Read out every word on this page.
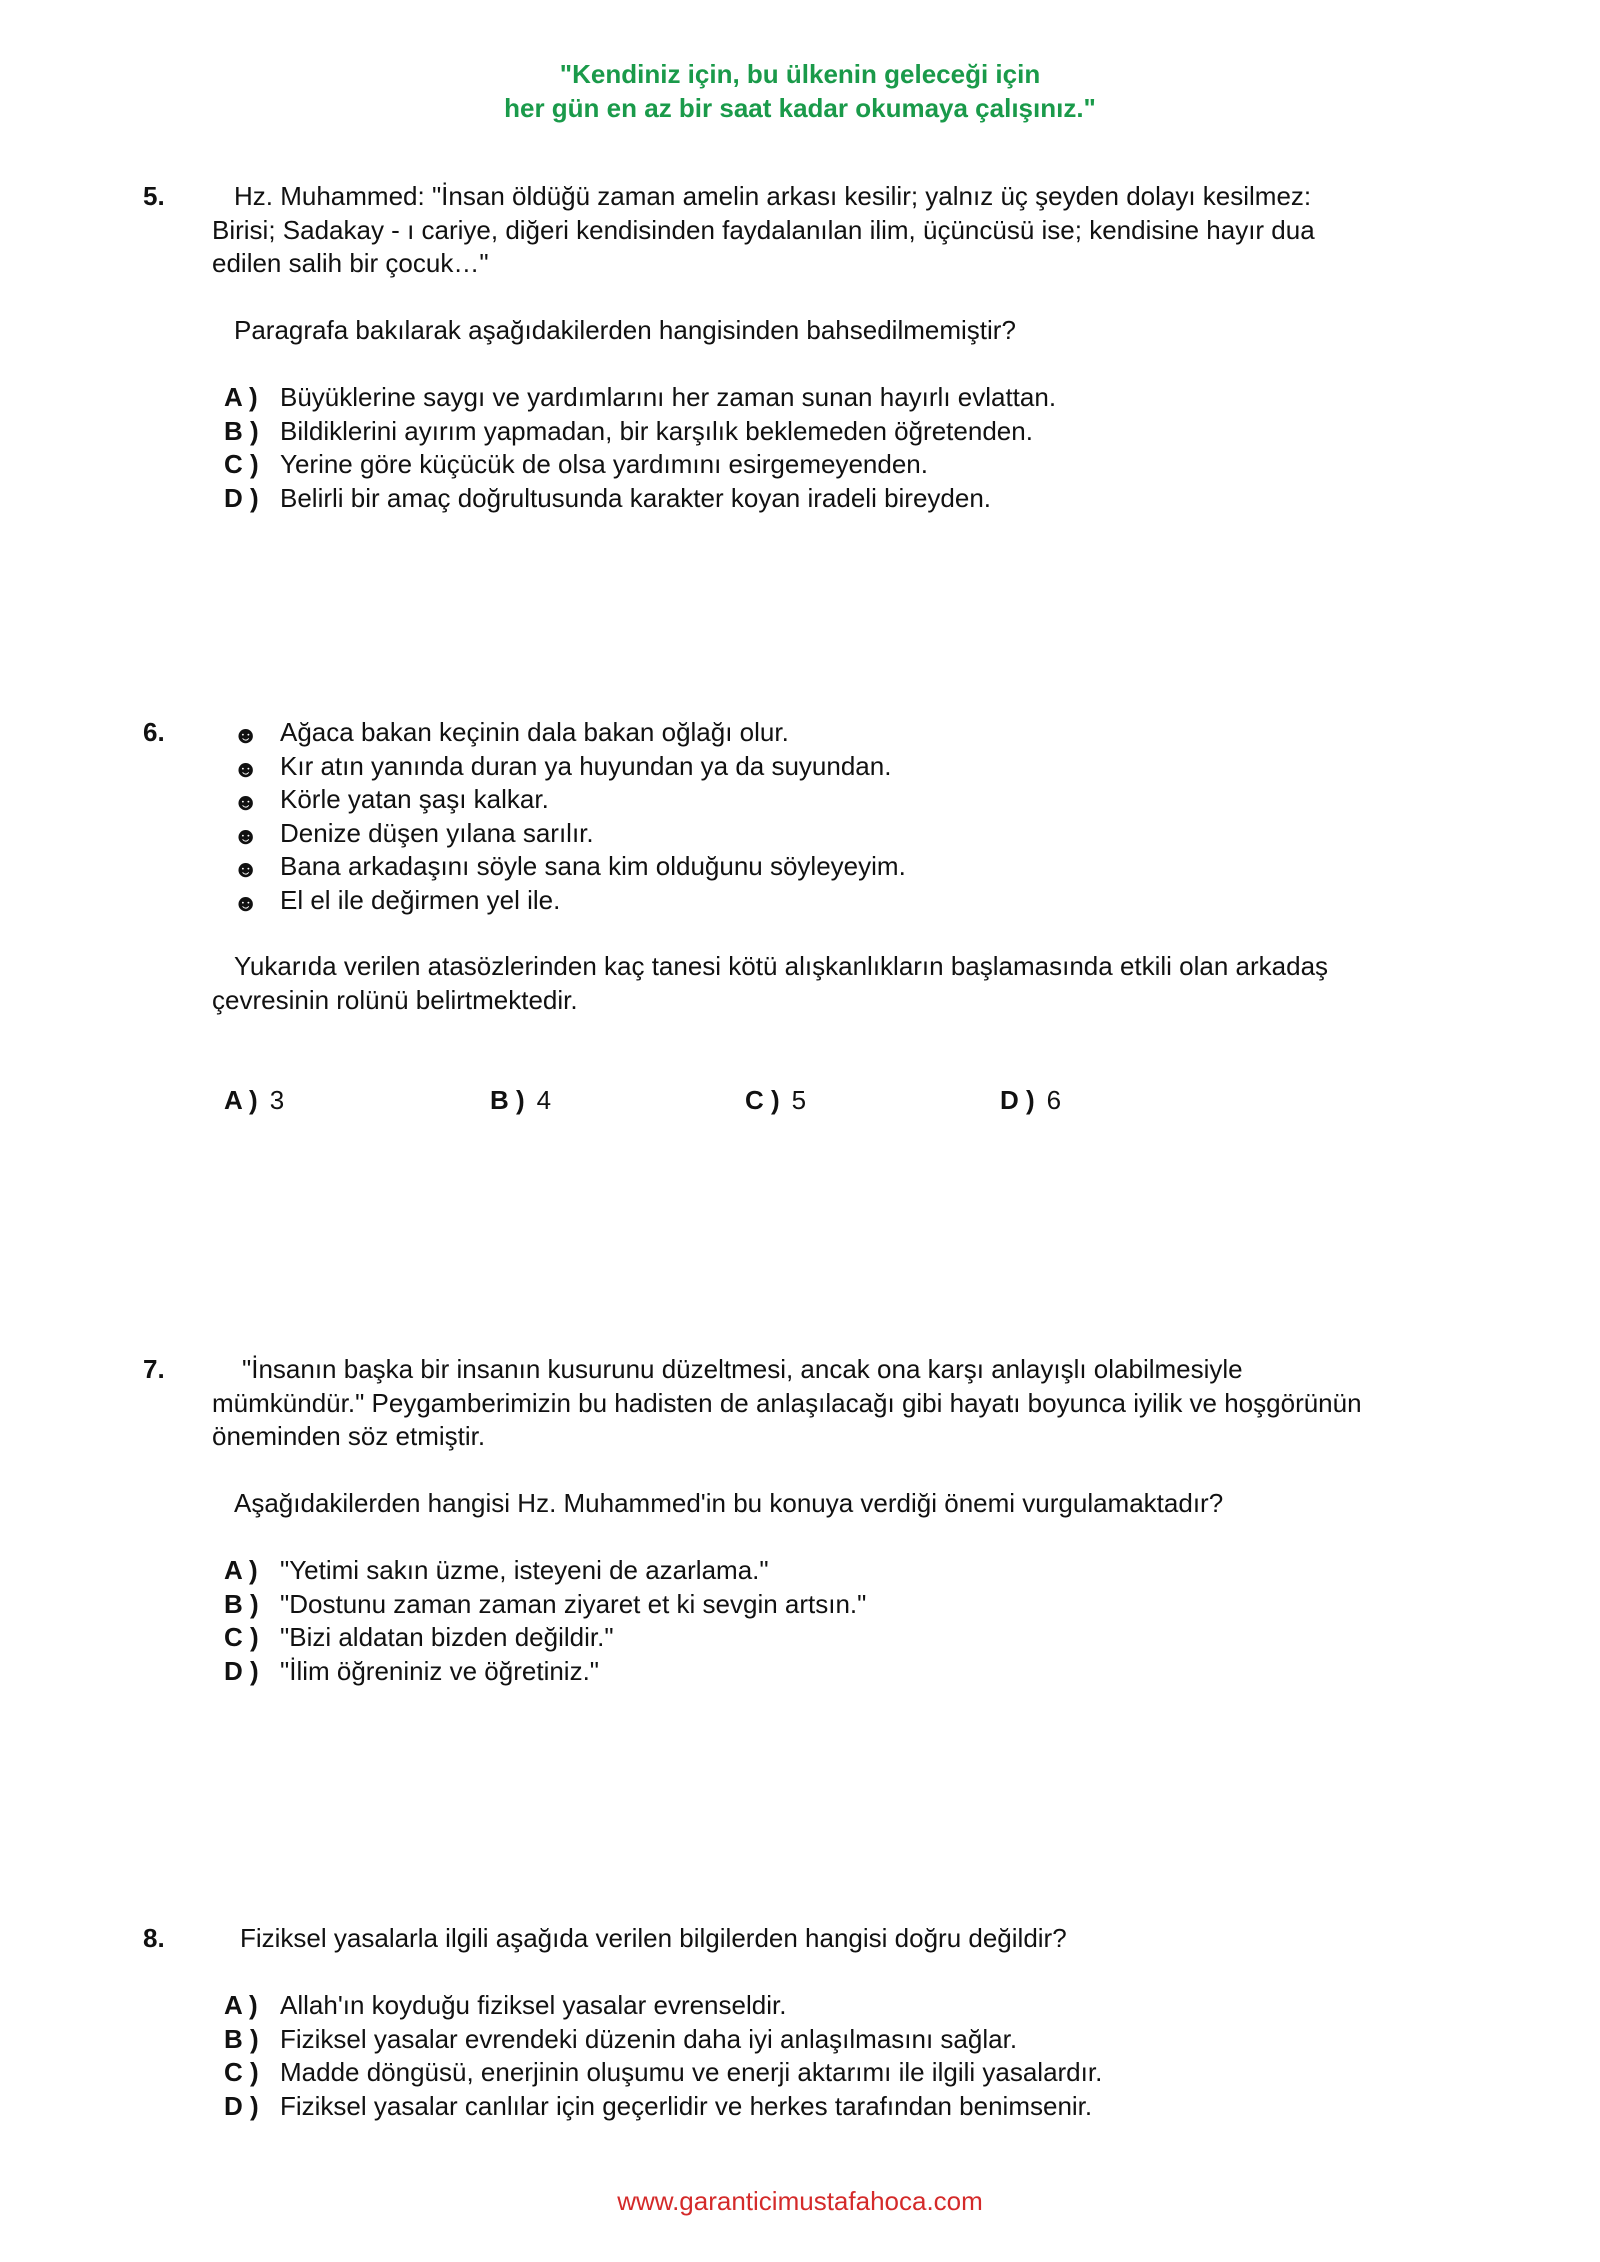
"Kendiniz için, bu ülkenin geleceği için
her gün en az bir saat kadar okumaya çalışınız."
5.	Hz. Muhammed: "İnsan öldüğü zaman amelin arkası kesilir; yalnız üç şeyden dolayı kesilmez:
Birisi; Sadakay - ı cariye, diğeri kendisinden faydalanılan ilim, üçüncüsü ise; kendisine hayır dua
edilen salih bir çocuk…"
Paragrafa bakılarak aşağıdakilerden hangisinden bahsedilmemiştir?
A ) Büyüklerine saygı ve yardımlarını her zaman sunan hayırlı evlattan.
B ) Bildiklerini ayırım yapmadan, bir karşılık beklemeden öğretenden.
C ) Yerine göre küçücük de olsa yardımını esirgemeyenden.
D ) Belirli bir amaç doğrultusunda karakter koyan iradeli bireyden.
6.	☻ Ağaca bakan keçinin dala bakan oğlağı olur.
☻ Kır atın yanında duran ya huyundan ya da suyundan.
☻ Körle yatan şaşı kalkar.
☻ Denize düşen yılana sarılır.
☻ Bana arkadaşını söyle sana kim olduğunu söyleyeyim.
☻ El el ile değirmen yel ile.
Yukarıda verilen atasözlerinden kaç tanesi kötü alışkanlıkların başlamasında etkili olan arkadaş
çevresinin rolünü belirtmektedir.
A ) 3	B ) 4	C ) 5	D ) 6
7.	"İnsanın başka bir insanın kusurunu düzeltmesi, ancak ona karşı anlayışlı olabilmesiyle
mümkündür." Peygamberimizin bu hadisten de anlaşılacağı gibi hayatı boyunca iyilik ve hoşgörünün
öneminden söz etmiştir.
Aşağıdakilerden hangisi Hz. Muhammed'in bu konuya verdiği önemi vurgulamaktadır?
A ) "Yetimi sakın üzme, isteyeni de azarlama."
B ) "Dostunu zaman zaman ziyaret et ki sevgin artsın."
C ) "Bizi aldatan bizden değildir."
D ) "İlim öğreniniz ve öğretiniz."
8.	Fiziksel yasalarla ilgili aşağıda verilen bilgilerden hangisi doğru değildir?
A ) Allah'ın koyduğu fiziksel yasalar evrenseldir.
B ) Fiziksel yasalar evrendeki düzenin daha iyi anlaşılmasını sağlar.
C ) Madde döngüsü, enerjinin oluşumu ve enerji aktarımı ile ilgili yasalardır.
D ) Fiziksel yasalar canlılar için geçerlidir ve herkes tarafından benimsenir.
www.garanticimustafahoca.com
